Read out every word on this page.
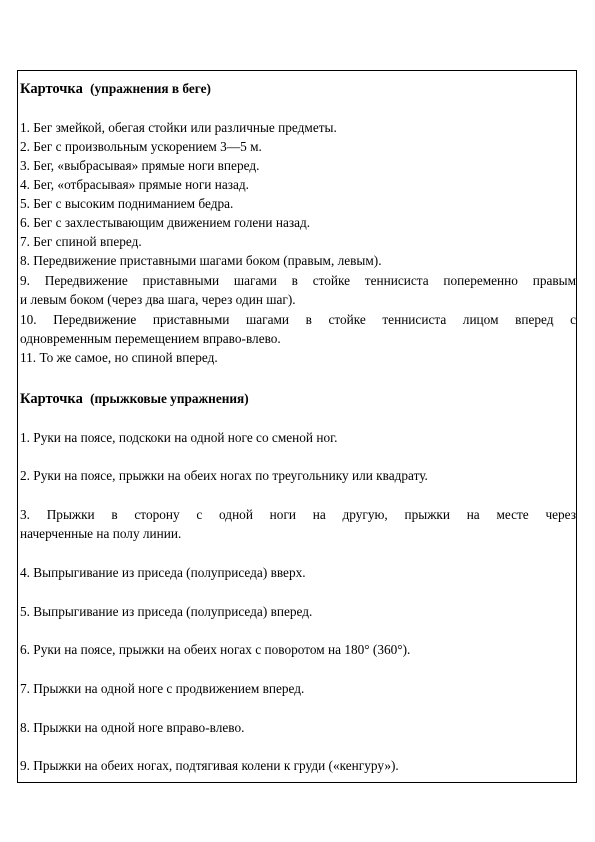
Карточка (упражнения в беге)
1. Бег змейкой, обегая стойки или различные предметы.
2. Бег с произвольным ускорением 3—5 м.
3. Бег, «выбрасывая» прямые ноги вперед.
4. Бег, «отбрасывая» прямые ноги назад.
5. Бег с высоким подниманием бедра.
6. Бег с захлестывающим движением голени назад.
7. Бег спиной вперед.
8. Передвижение приставными шагами боком (правым, левым).
9. Передвижение приставными шагами в стойке теннисиста попеременно правым
и левым боком (через два шага, через один шаг).
10. Передвижение приставными шагами в стойке теннисиста лицом вперед с
одновременным перемещением вправо-влево.
11. То же самое, но спиной вперед.
Карточка (прыжковые упражнения)
1. Руки на поясе, подскоки на одной ноге со сменой ног.
2. Руки на поясе, прыжки на обеих ногах по треугольнику или квадрату.
3. Прыжки в сторону с одной ноги на другую, прыжки на месте через
начерченные на полу линии.
4. Выпрыгивание из приседа (полуприседа) вверх.
5. Выпрыгивание из приседа (полуприседа) вперед.
6. Руки на поясе, прыжки на обеих ногах с поворотом на 180° (360°).
7. Прыжки на одной ноге с продвижением вперед.
8. Прыжки на одной ноге вправо-влево.
9. Прыжки на обеих ногах, подтягивая колени к груди («кенгуру»).
